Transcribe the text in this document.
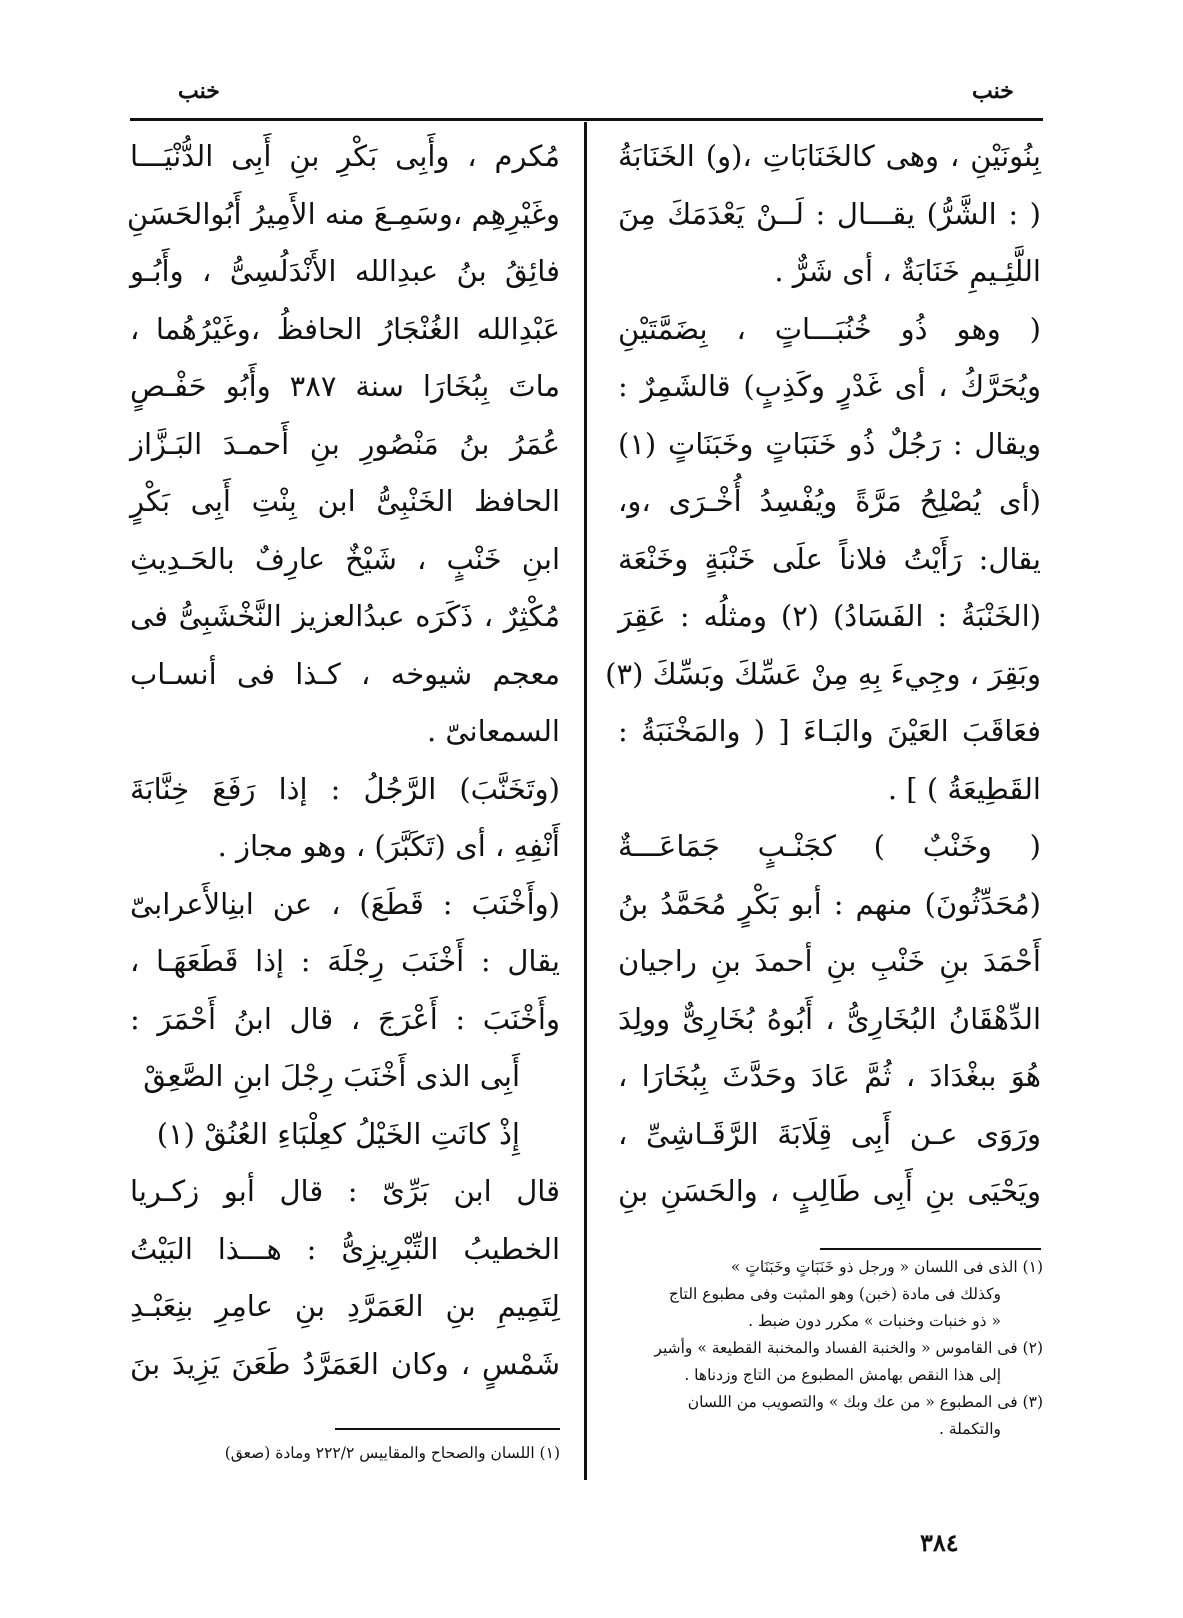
خنب	خنب
بِنُونَيْنِ ، وهى كالخَنَابَاتِ ،(و) الخَنَابَةُ
( : الشَّرُّ) يقـــال : لَــنْ يَعْدَمَكَ مِنَ
اللَّئِـيمِ خَنَابَةٌ ، أى شَرٌّ .
( وهو ذُو خُنُبَـــاتٍ ، بِضَمَّتَيْنِ
ويُحَرَّكُ ، أى غَدْرٍ وكَذِبٍ) قالشَمِرٌ :
ويقال : رَجُلٌ ذُو خَنَبَاتٍ وخَبَنَاتٍ (١)
(أى يُصْلِحُ مَرَّةً ويُفْسِدُ أُخْـرَى ،و،
يقال: رَأَيْتُ فلاناً علَى خَنْبَةٍ وخَنْعَة
(الخَنْبَةُ : الفَسَادُ) (٢) ومثلُه : عَقِرَ
وبَقِرَ ، وجِيءَ بِهِ مِنْ عَسِّكَ وبَسِّكَ (٣)
فعَاقَبَ العَيْنَ والبَـاءَ [ ( والمَخْنَبَةُ :
القَطِيعَةُ ) ] .
( وخَنْبٌ ) كجَنْـبٍ جَمَاعَـــةٌ
(مُحَدِّثُونَ) منهم : أبو بَكْرٍ مُحَمَّدُ بنُ
أَحْمَدَ بنِ خَنْبِ بنِ أحمدَ بنِ راجيان
الدِّهْقَانُ البُخَارِىُّ ، أَبُوهُ بُخَارِىٌّ وولِدَ
هُوَ ببغْدَادَ ، ثُمَّ عَادَ وحَدَّثَ بِبُخَارَا ،
ورَوَى عـن أَبِى قِلَابَةَ الرَّقَـاشِىِّ ،
ويَحْيَى بنِ أَبِى طَالِبٍ ، والحَسَنِ بنِ
(١) الذى فى اللسان « ورجل ذو خَنَبَاتٍ وخَبَنَاتٍ »
وكذلك فى مادة (خبن) وهو المثبت وفى مطبوع التاج
« ذو خنبات وخنبات » مكرر دون ضبط .
(٢) فى القاموس « والخنبة الفساد والمخنبة القطيعة » وأشير
إلى هذا النقص بهامش المطبوع من التاج وزدناها .
(٣) فى المطبوع « من عك وبك » والتصويب من اللسان
والتكملة .
مُكرم ، وأَبِى بَكْرِ بنِ أَبِى الدُّنْيَـــا
وغَيْرِهِم ،وسَمِـعَ منه الأَمِيرُ أَبُوالحَسَنِ
فائِقُ بنُ عبدِالله الأَنْدَلُسِىُّ ، وأَبُـو
عَبْدِالله الغُنْجَارُ الحافظُ ،وغَيْرُهُما ،
ماتَ بِبُخَارَا سنة ٣٨٧ وأَبُو حَفْـصٍ
عُمَرُ بنُ مَنْصُورِ بنِ أَحمـدَ البَـزَّاز
الحافظ الخَنْبِىُّ ابن بِنْتِ أَبِى بَكْرٍ
ابنِ خَنْبٍ ، شَيْخٌ عارِفٌ بالحَـدِيثِ
مُكْثِرٌ ، ذَكَرَه عبدُالعزيز النَّخْشَبِىُّ فى
معجم شيوخه ، كـذا فى أنسـاب
السمعانىّ .
(وتَخَنَّبَ) الرَّجُلُ : إذا رَفَعَ خِنَّابَةَ
أَنْفِهِ ، أى (تَكَبَّرَ) ، وهو مجاز .
(وأَخْنَبَ : قَطَعَ) ، عن ابنِالأَعرابىّ
يقال : أَخْنَبَ رِجْلَهَ : إذا قَطَعَهَـا ،
وأَخْنَبَ : أَعْرَجَ ، قال ابنُ أَحْمَرَ :
أَبِى الذى أَخْنَبَ رِجْلَ ابنِ الصَّعِقْ
إِذْ كانَتِ الخَيْلُ كعِلْبَاءِ العُنُقْ (١)
قال ابن بَرِّىّ : قال أبو زكـريا
الخطيبُ التِّبْرِيزِىُّ : هـــذا البَيْتُ
لِتَمِيمِ بنِ العَمَرَّدِ بنِ عامِرِ بنِعَبْـدِ
شَمْسٍ ، وكان العَمَرَّدُ طَعَنَ يَزِيدَ بنَ
(١) اللسان والصحاح والمقاييس ٢٢٢/٢ ومادة (صعق)
٣٨٤
